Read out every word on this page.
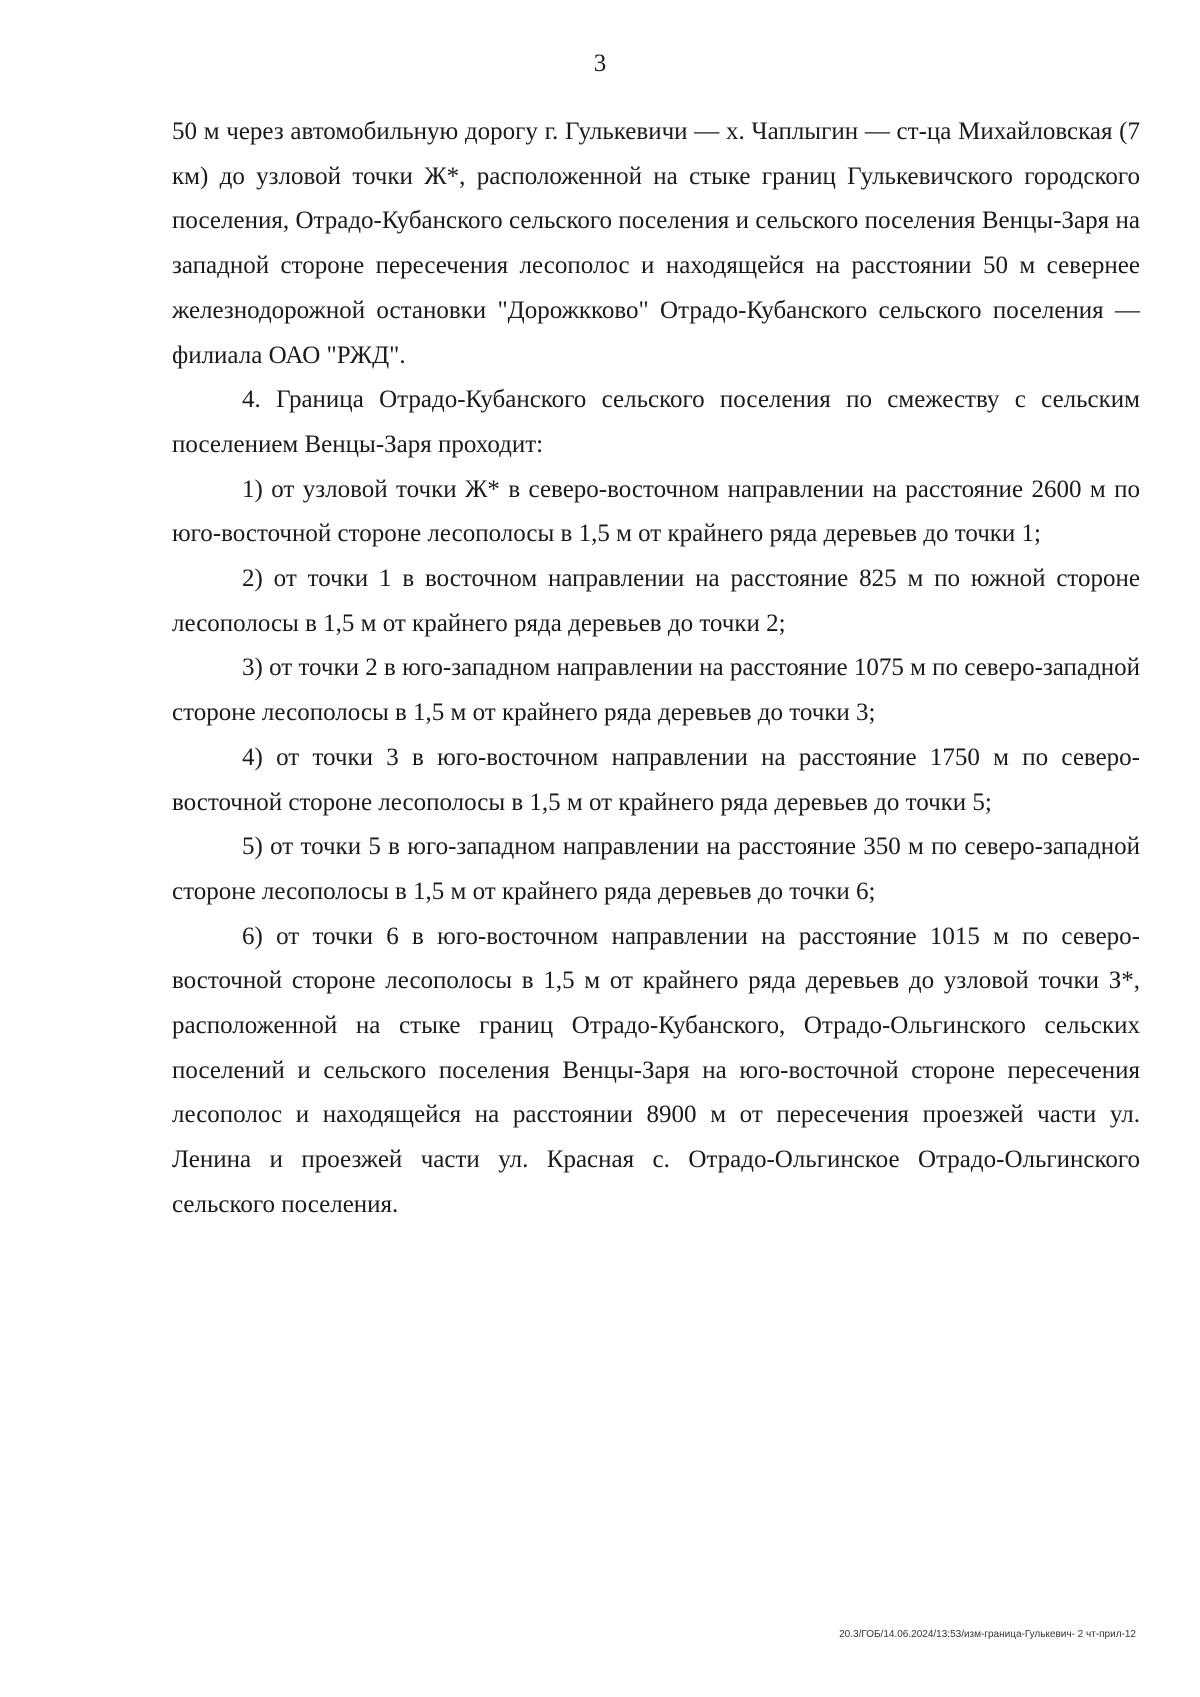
3

50 м через автомобильную дорогу г. Гулькевичи — х. Чаплыгин — ст-ца Михайловская (7 км) до узловой точки Ж*, расположенной на стыке границ Гулькевичского городского поселения, Отрадо-Кубанского сельского поселения и сельского поселения Венцы-Заря на западной стороне пересечения лесополос и находящейся на расстоянии 50 м севернее железнодорожной остановки "Дорожкково" Отрадо-Кубанского сельского поселения — филиала ОАО "РЖД".

4. Граница Отрадо-Кубанского сельского поселения по смежеству с сельским поселением Венцы-Заря проходит:

1) от узловой точки Ж* в северо-восточном направлении на расстояние 2600 м по юго-восточной стороне лесополосы в 1,5 м от крайнего ряда деревьев до точки 1;

2) от точки 1 в восточном направлении на расстояние 825 м по южной стороне лесополосы в 1,5 м от крайнего ряда деревьев до точки 2;

3) от точки 2 в юго-западном направлении на расстояние 1075 м по северо-западной стороне лесополосы в 1,5 м от крайнего ряда деревьев до точки 3;

4) от точки 3 в юго-восточном направлении на расстояние 1750 м по северо-восточной стороне лесополосы в 1,5 м от крайнего ряда деревьев до точки 5;

5) от точки 5 в юго-западном направлении на расстояние 350 м по северо-западной стороне лесополосы в 1,5 м от крайнего ряда деревьев до точки 6;

6) от точки 6 в юго-восточном направлении на расстояние 1015 м по северо-восточной стороне лесополосы в 1,5 м от крайнего ряда деревьев до узловой точки З*, расположенной на стыке границ Отрадо-Кубанского, Отрадо-Ольгинского сельских поселений и сельского поселения Венцы-Заря на юго-восточной стороне пересечения лесополос и находящейся на расстоянии 8900 м от пересечения проезжей части ул. Ленина и проезжей части ул. Красная с. Отрадо-Ольгинское Отрадо-Ольгинского сельского поселения.

20.3/ГОБ/14.06.2024/13:53/изм-граница-Гулькевич- 2 чт-прил-12
